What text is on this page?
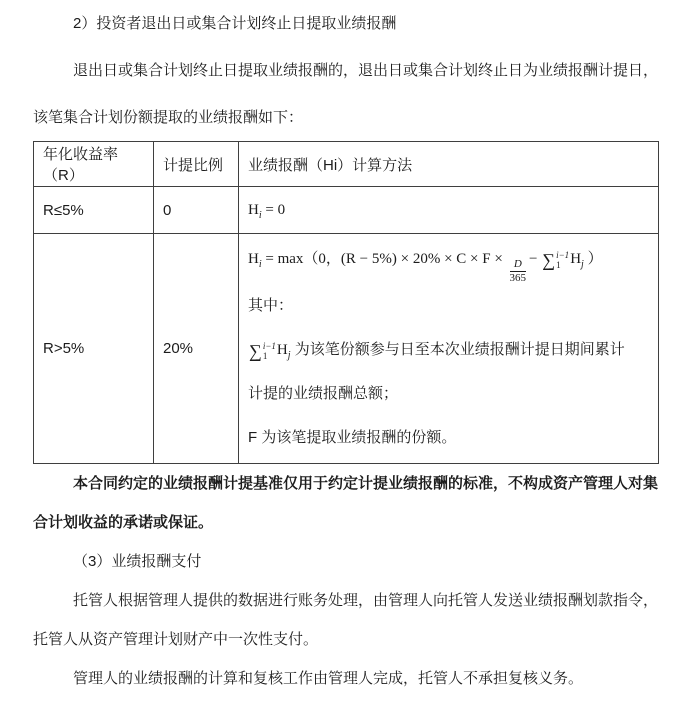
2）投资者退出日或集合计划终止日提取业绩报酬

退出日或集合计划终止日提取业绩报酬的，退出日或集合计划终止日为业绩报酬计提日，该笔集合计划份额提取的业绩报酬如下：

年化收益率（R）	计提比例	业绩报酬（Hi）计算方法
R≤5%	0	$H_i = 0$
R>5%	20%	
$H_i = \max(0$，$(R - 5\%) \times 20\% \times C \times F \times \frac{D}{365}$ − ∑ i−1
1 $H_j$ ）
其中：
∑ i−1
1 $H_j$ 为该笔份额参与日至本次业绩报酬计提日期间累计
计提的业绩报酬总额；
F 为该笔提取业绩报酬的份额。

本合同约定的业绩报酬计提基准仅用于约定计提业绩报酬的标准，不构成资产管理人对集合计划收益的承诺或保证。

（3）业绩报酬支付

托管人根据管理人提供的数据进行账务处理，由管理人向托管人发送业绩报酬划款指令，托管人从资产管理计划财产中一次性支付。

管理人的业绩报酬的计算和复核工作由管理人完成，托管人不承担复核义务。
